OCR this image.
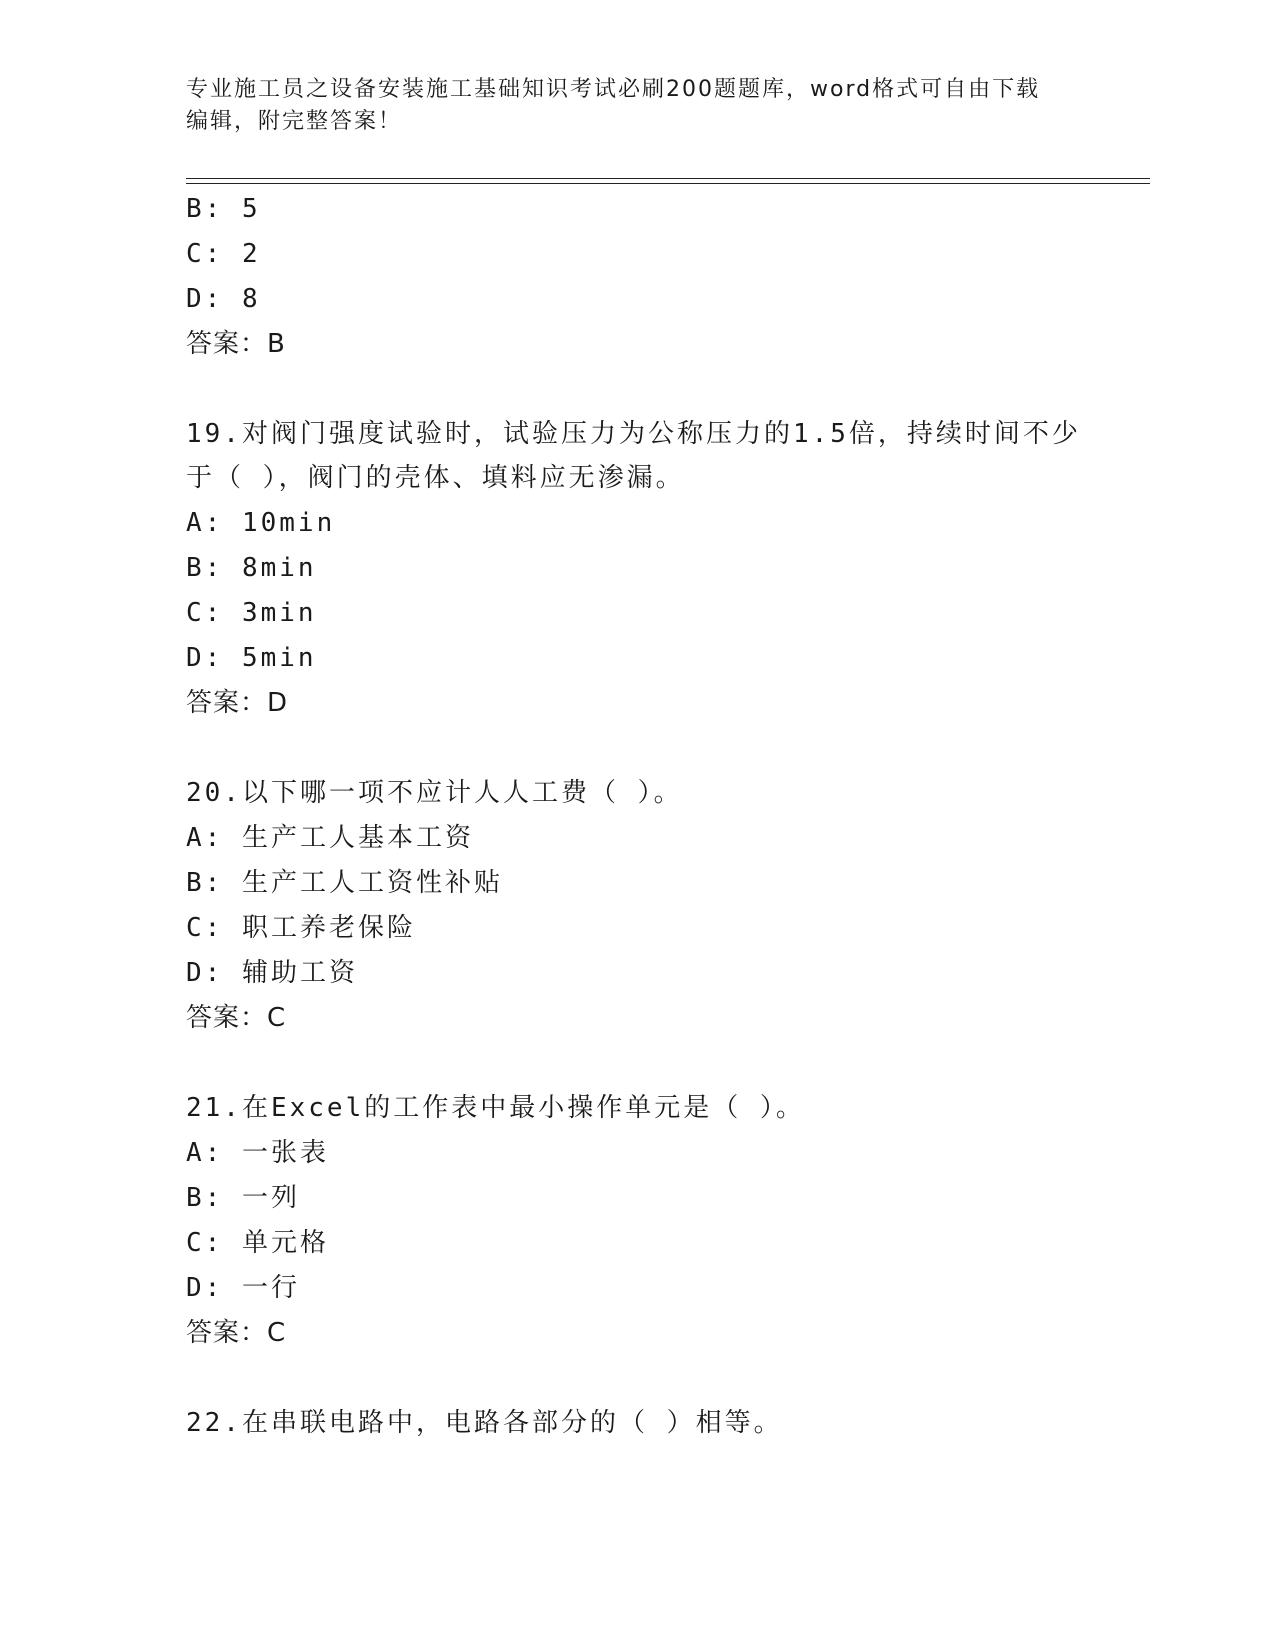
专业施工员之设备安装施工基础知识考试必刷200题题库，word格式可自由下载
编辑，附完整答案！
B: 5
C: 2
D: 8
答案：B
19.对阀门强度试验时，试验压力为公称压力的1.5倍，持续时间不少
于（ ），阀门的壳体、填料应无渗漏。
A: 10min
B: 8min
C: 3min
D: 5min
答案：D
20.以下哪一项不应计人人工费（ ）。
A: 生产工人基本工资
B: 生产工人工资性补贴
C: 职工养老保险
D: 辅助工资
答案：C
21.在Excel的工作表中最小操作单元是（ ）。
A: 一张表
B: 一列
C: 单元格
D: 一行
答案：C
22.在串联电路中，电路各部分的（ ）相等。
